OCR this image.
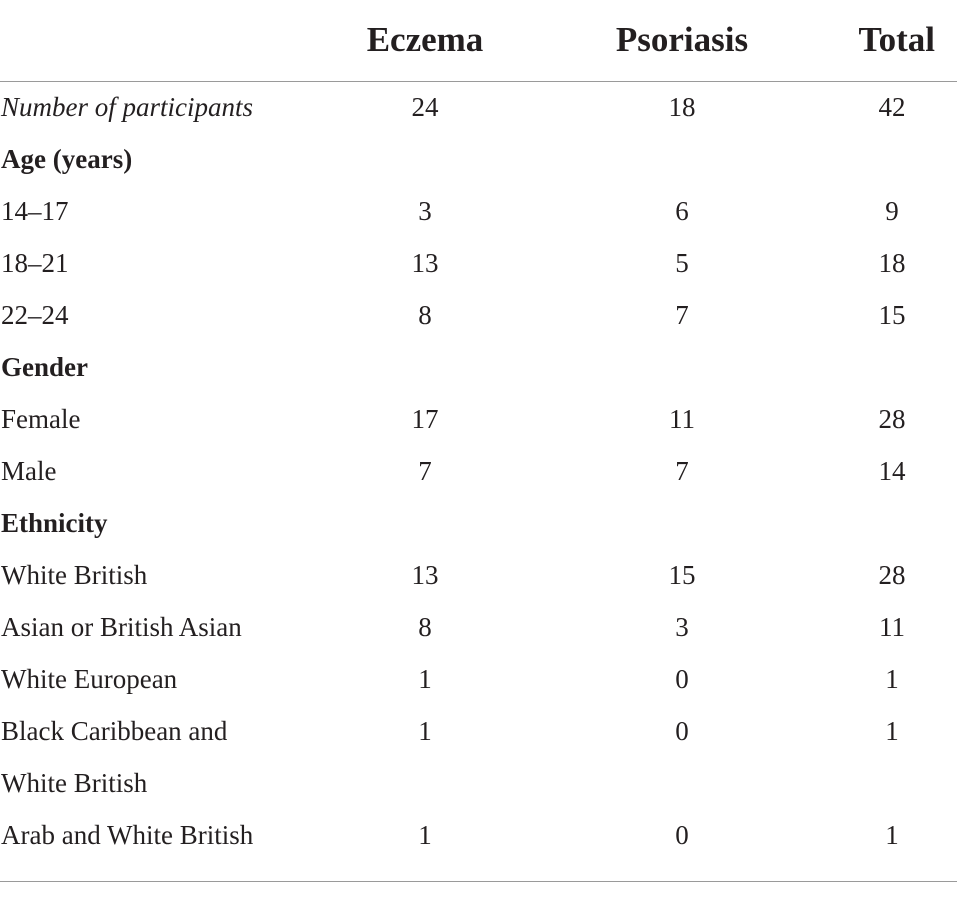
Eczema	Psoriasis	Total
Number of participants	24	18	42
Age (years)
14–17	3	6	9
18–21	13	5	18
22–24	8	7	15
Gender
Female	17	11	28
Male	7	7	14
Ethnicity
White British	13	15	28
Asian or British Asian	8	3	11
White European	1	0	1
Black Caribbean and	1	0	1
White British
Arab and White British	1	0	1
